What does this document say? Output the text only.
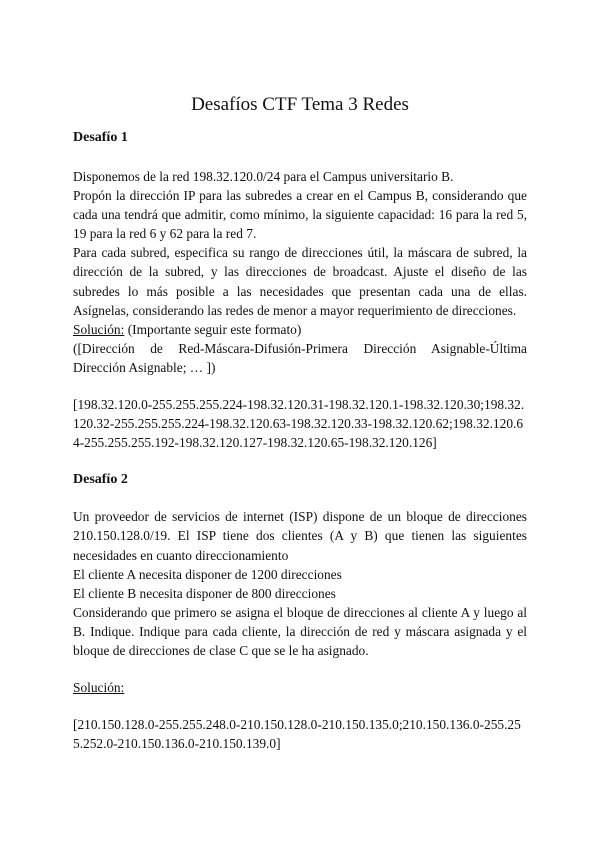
Desafíos CTF Tema 3 Redes

Desafío 1

Disponemos de la red 198.32.120.0/24 para el Campus universitario B.

Propón la dirección IP para las subredes a crear en el Campus B, considerando que cada una tendrá que admitir, como mínimo, la siguiente capacidad: 16 para la red 5, 19 para la red 6 y 62 para la red 7.

Para cada subred, especifica su rango de direcciones útil, la máscara de subred, la dirección de la subred, y las direcciones de broadcast. Ajuste el diseño de las subredes lo más posible a las necesidades que presentan cada una de ellas. Asígnelas, considerando las redes de menor a mayor requerimiento de direcciones.

Solución: (Importante seguir este formato)

([Dirección de Red-Máscara-Difusión-Primera Dirección Asignable-Última Dirección Asignable; … ])

[198.32.120.0-255.255.255.224-198.32.120.31-198.32.120.1-198.32.120.30;198.32.120.32-255.255.255.224-198.32.120.63-198.32.120.33-198.32.120.62;198.32.120.64-255.255.255.192-198.32.120.127-198.32.120.65-198.32.120.126]

Desafío 2

Un proveedor de servicios de internet (ISP) dispone de un bloque de direcciones 210.150.128.0/19. El ISP tiene dos clientes (A y B) que tienen las siguientes necesidades en cuanto direccionamiento

El cliente A necesita disponer de 1200 direcciones

El cliente B necesita disponer de 800 direcciones

Considerando que primero se asigna el bloque de direcciones al cliente A y luego al B. Indique. Indique para cada cliente, la dirección de red y máscara asignada y el bloque de direcciones de clase C que se le ha asignado.

Solución:

[210.150.128.0-255.255.248.0-210.150.128.0-210.150.135.0;210.150.136.0-255.255.252.0-210.150.136.0-210.150.139.0]
